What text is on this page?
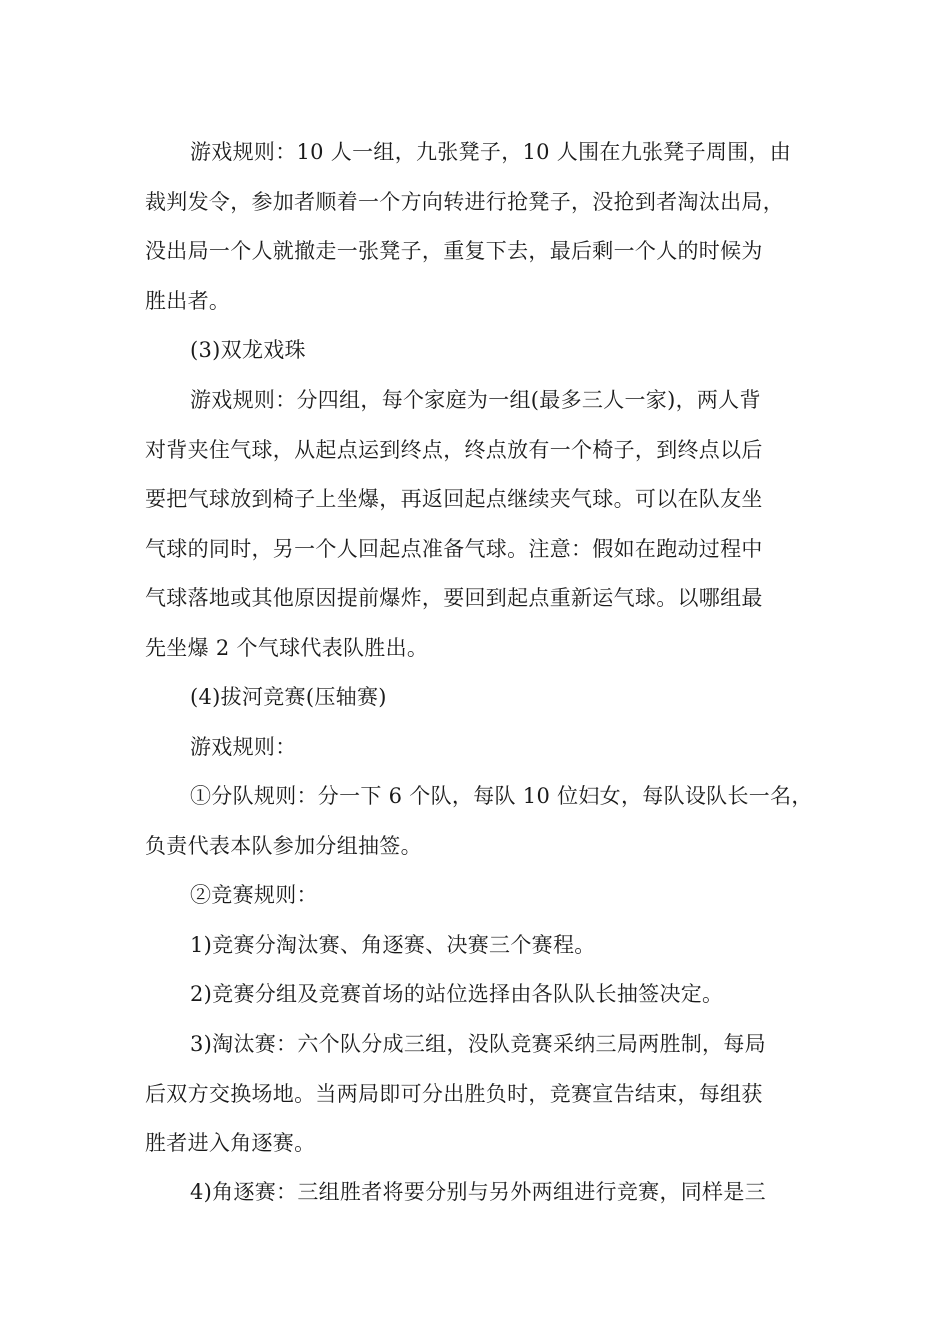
游戏规则：10 人一组，九张凳子，10 人围在九张凳子周围，由
裁判发令，参加者顺着一个方向转进行抢凳子，没抢到者淘汰出局，
没出局一个人就撤走一张凳子，重复下去，最后剩一个人的时候为
胜出者。
(3)双龙戏珠
游戏规则：分四组，每个家庭为一组(最多三人一家)，两人背
对背夹住气球，从起点运到终点，终点放有一个椅子，到终点以后
要把气球放到椅子上坐爆，再返回起点继续夹气球。可以在队友坐
气球的同时，另一个人回起点准备气球。注意：假如在跑动过程中
气球落地或其他原因提前爆炸，要回到起点重新运气球。以哪组最
先坐爆 2 个气球代表队胜出。
(4)拔河竞赛(压轴赛)
游戏规则：
①分队规则：分一下 6 个队，每队 10 位妇女，每队设队长一名，
负责代表本队参加分组抽签。
②竞赛规则：
1)竞赛分淘汰赛、角逐赛、决赛三个赛程。
2)竞赛分组及竞赛首场的站位选择由各队队长抽签决定。
3)淘汰赛：六个队分成三组，没队竞赛采纳三局两胜制，每局
后双方交换场地。当两局即可分出胜负时，竞赛宣告结束，每组获
胜者进入角逐赛。
4)角逐赛：三组胜者将要分别与另外两组进行竞赛，同样是三
